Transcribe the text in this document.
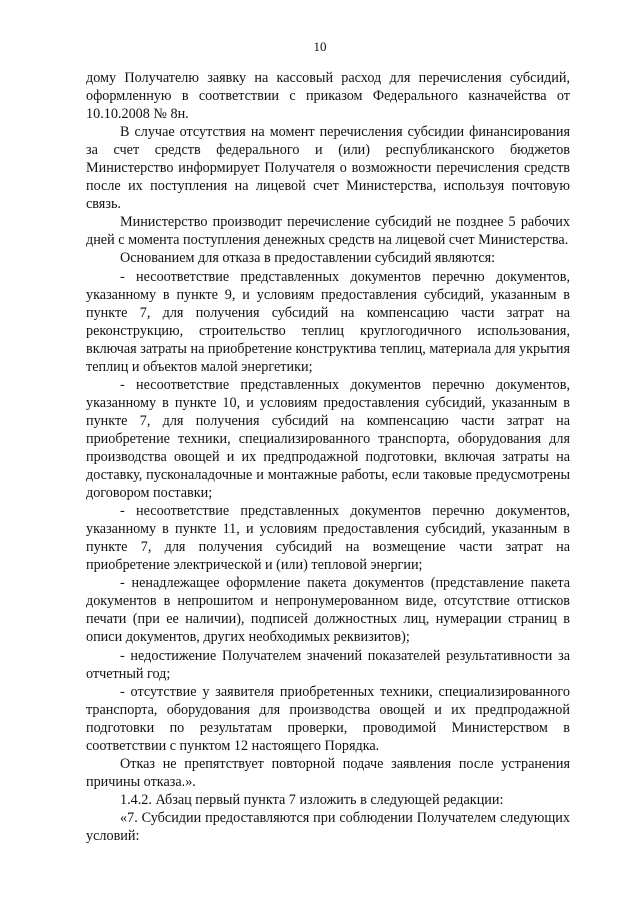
10

дому Получателю заявку на кассовый расход для перечисления субсидий, оформленную в соответствии с приказом Федерального казначейства от 10.10.2008 № 8н.

В случае отсутствия на момент перечисления субсидии финансирования за счет средств федерального и (или) республиканского бюджетов Министерство информирует Получателя о возможности перечисления средств после их поступления на лицевой счет Министерства, используя почтовую связь.

Министерство производит перечисление субсидий не позднее 5 рабочих дней с момента поступления денежных средств на лицевой счет Министерства.

Основанием для отказа в предоставлении субсидий являются:

- несоответствие представленных документов перечню документов, указанному в пункте 9, и условиям предоставления субсидий, указанным в пункте 7, для получения субсидий на компенсацию части затрат на реконструкцию, строительство теплиц круглогодичного использования, включая затраты на приобретение конструктива теплиц, материала для укрытия теплиц и объектов малой энергетики;

- несоответствие представленных документов перечню документов, указанному в пункте 10, и условиям предоставления субсидий, указанным в пункте 7, для получения субсидий на компенсацию части затрат на приобретение техники, специализированного транспорта, оборудования для производства овощей и их предпродажной подготовки, включая затраты на доставку, пусконаладочные и монтажные работы, если таковые предусмотрены договором поставки;

- несоответствие представленных документов перечню документов, указанному в пункте 11, и условиям предоставления субсидий, указанным в пункте 7, для получения субсидий на возмещение части затрат на приобретение электрической и (или) тепловой энергии;

- ненадлежащее оформление пакета документов (представление пакета документов в непрошитом и непронумерованном виде, отсутствие оттисков печати (при ее наличии), подписей должностных лиц, нумерации страниц в описи документов, других необходимых реквизитов);

- недостижение Получателем значений показателей результативности за отчетный год;

- отсутствие у заявителя приобретенных техники, специализированного транспорта, оборудования для производства овощей и их предпродажной подготовки по результатам проверки, проводимой Министерством в соответствии с пунктом 12 настоящего Порядка.

Отказ не препятствует повторной подаче заявления после устранения причины отказа.».

1.4.2. Абзац первый пункта 7 изложить в следующей редакции:

«7. Субсидии предоставляются при соблюдении Получателем следующих условий:
